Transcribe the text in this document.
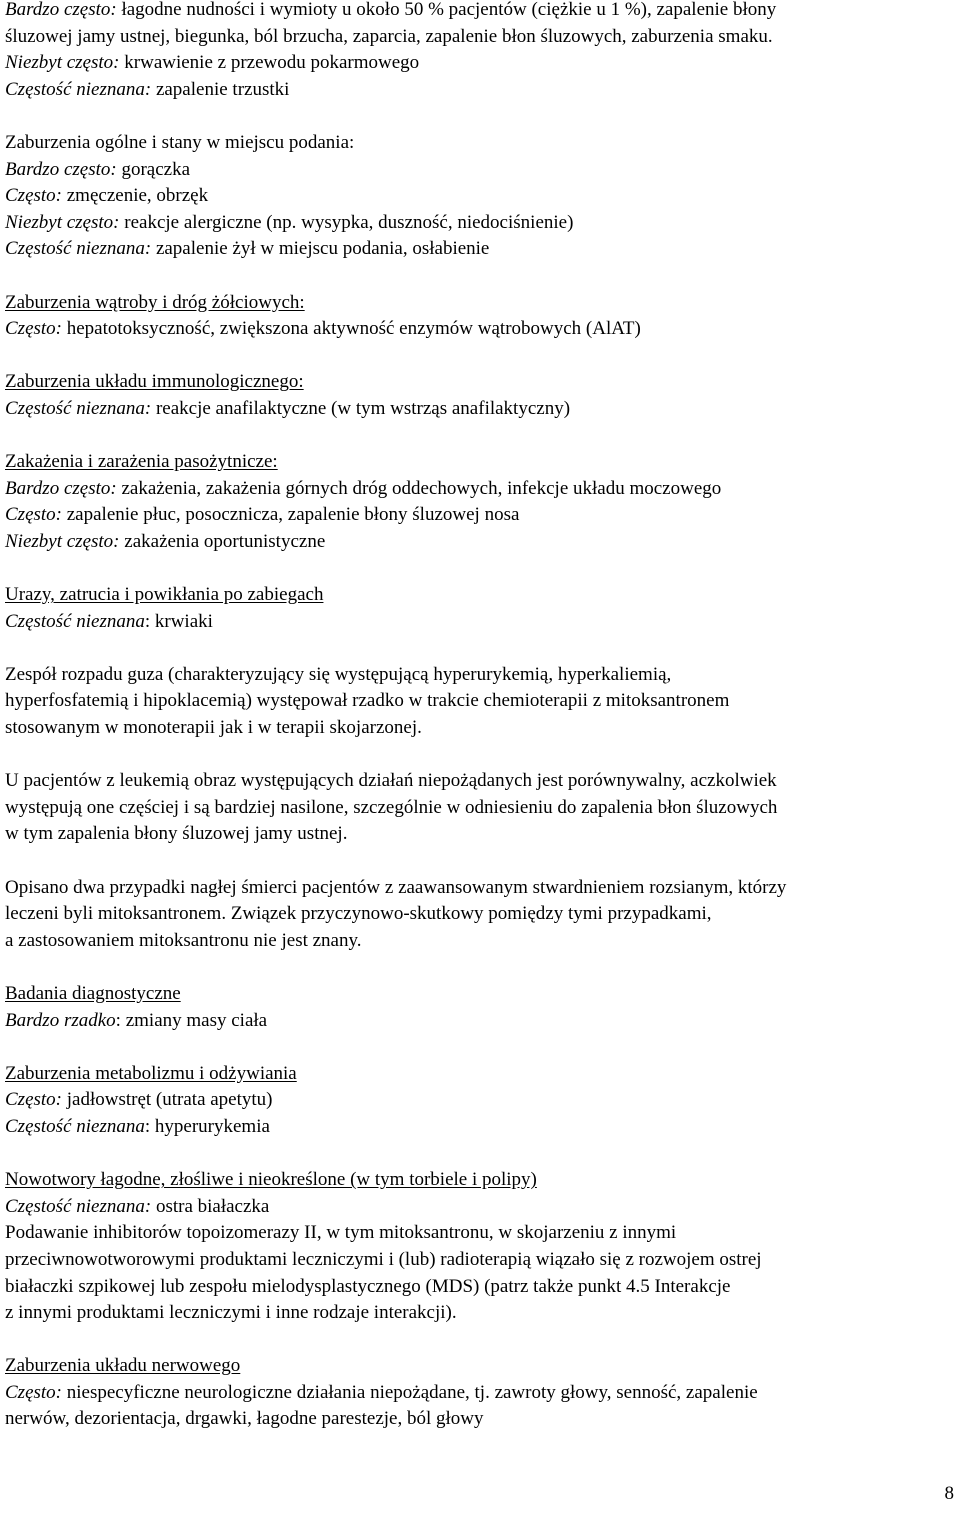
Bardzo często: łagodne nudności i wymioty u około 50 % pacjentów (ciężkie u 1 %), zapalenie błony
śluzowej jamy ustnej, biegunka, ból brzucha, zaparcia, zapalenie błon śluzowych, zaburzenia smaku.
Niezbyt często: krwawienie z przewodu pokarmowego
Częstość nieznana: zapalenie trzustki
Zaburzenia ogólne i stany w miejscu podania:
Bardzo często: gorączka
Często: zmęczenie, obrzęk
Niezbyt często: reakcje alergiczne (np. wysypka, duszność, niedociśnienie)
Częstość nieznana: zapalenie żył w miejscu podania, osłabienie
Zaburzenia wątroby i dróg żółciowych:
Często: hepatotoksyczność, zwiększona aktywność enzymów wątrobowych (AlAT)
Zaburzenia układu immunologicznego:
Częstość nieznana: reakcje anafilaktyczne (w tym wstrząs anafilaktyczny)
Zakażenia i zarażenia pasożytnicze:
Bardzo często: zakażenia, zakażenia górnych dróg oddechowych, infekcje układu moczowego
Często: zapalenie płuc, posocznicza, zapalenie błony śluzowej nosa
Niezbyt często: zakażenia oportunistyczne
Urazy, zatrucia i powikłania po zabiegach
Częstość nieznana: krwiaki
Zespół rozpadu guza (charakteryzujący się występującą hyperurykemią, hyperkaliemią,
hyperfosfatemią i hipoklacemią) występował rzadko w trakcie chemioterapii z mitoksantronem
stosowanym w monoterapii jak i w terapii skojarzonej.
U pacjentów z leukemią obraz występujących działań niepożądanych jest porównywalny, aczkolwiek
występują one częściej i są bardziej nasilone, szczególnie w odniesieniu do zapalenia błon śluzowych
w tym zapalenia błony śluzowej jamy ustnej.
Opisano dwa przypadki nagłej śmierci pacjentów z zaawansowanym stwardnieniem rozsianym, którzy
leczeni byli mitoksantronem. Związek przyczynowo-skutkowy pomiędzy tymi przypadkami,
a zastosowaniem mitoksantronu nie jest znany.
Badania diagnostyczne
Bardzo rzadko: zmiany masy ciała
Zaburzenia metabolizmu i odżywiania
Często: jadłowstręt (utrata apetytu)
Częstość nieznana: hyperurykemia
Nowotwory łagodne, złośliwe i nieokreślone (w tym torbiele i polipy)
Częstość nieznana: ostra białaczka
Podawanie inhibitorów topoizomerazy II, w tym mitoksantronu, w skojarzeniu z innymi
przeciwnowotworowymi produktami leczniczymi i (lub) radioterapią wiązało się z rozwojem ostrej
białaczki szpikowej lub zespołu mielodysplastycznego (MDS) (patrz także punkt 4.5 Interakcje
z innymi produktami leczniczymi i inne rodzaje interakcji).
Zaburzenia układu nerwowego
Często: niespecyficzne neurologiczne działania niepożądane, tj. zawroty głowy, senność, zapalenie
nerwów, dezorientacja, drgawki, łagodne parestezje, ból głowy
8
